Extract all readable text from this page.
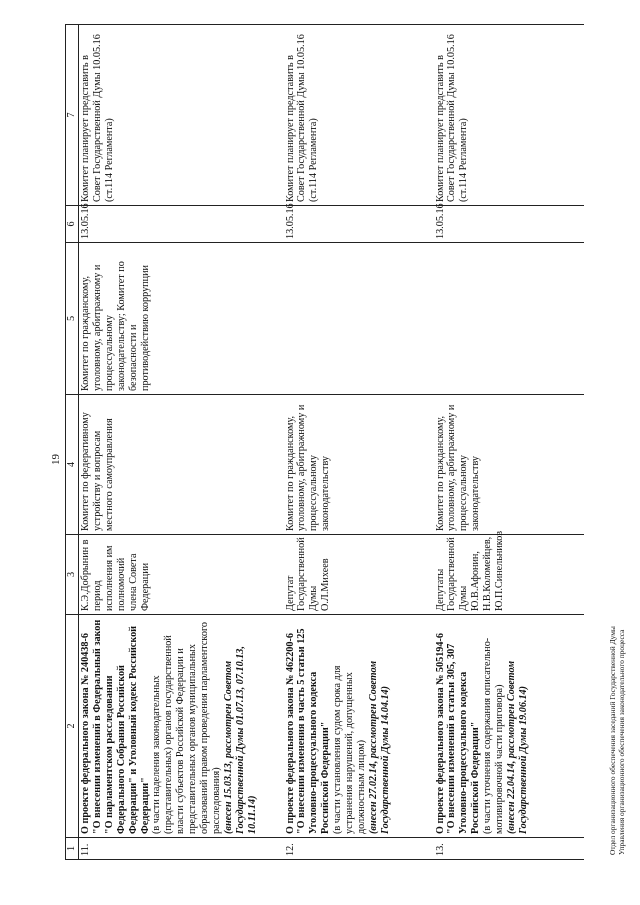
19
1	2	3	4	5	6	7
11.	О проекте федерального закона № 240438-6 "О внесении изменений в Федеральный закон "О парламентском расследовании Федерального Собрания Российской Федерации" и Уголовный кодекс Российской Федерации" (в части наделения законодательных (представительных) органов государственной власти субъектов Российской Федерации и представительных органов муниципальных образований правом проведения парламентского расследования) (внесен 15.03.13, рассмотрен Советом Государственной Думы 01.07.13, 07.10.13, 10.11.14)	К.Э.Добрынин в период исполнения им полномочий члена Совета Федерации	Комитет по федеративному устройству и вопросам местного самоуправления	Комитет по гражданскому, уголовному, арбитражному и процессуальному законодательству; Комитет по безопасности и противодействию коррупции	13.05.16	Комитет планирует представить в Совет Государственной Думы 10.05.16 (ст.114 Регламента)
12.	О проекте федерального закона № 462200-6 "О внесении изменения в часть 5 статьи 125 Уголовно-процессуального кодекса Российской Федерации" (в части установления судом срока для устранения нарушений, допущенных должностным лицом) (внесен 27.02.14, рассмотрен Советом Государственной Думы 14.04.14)	Депутат Государственной Думы О.Л.Михеев	Комитет по гражданскому, уголовному, арбитражному и процессуальному законодательству		13.05.16	Комитет планирует представить в Совет Государственной Думы 10.05.16 (ст.114 Регламента)
13.	О проекте федерального закона № 505194-6 "О внесении изменений в статьи 305, 307 Уголовно-процессуального кодекса Российской Федерации" (в части уточнения содержания описательно-мотивировочной части приговора) (внесен 22.04.14, рассмотрен Советом Государственной Думы 19.06.14)	Депутаты Государственной Думы Ю.В.Афонин, Н.В.Коломейцев, Ю.П.Синельников	Комитет по гражданскому, уголовному, арбитражному и процессуальному законодательству		13.05.16	Комитет планирует представить в Совет Государственной Думы 10.05.16 (ст.114 Регламента)
Отдел организационного обеспечения заседаний Государственной Думы Управления организационного обеспечения законодательного процесса
